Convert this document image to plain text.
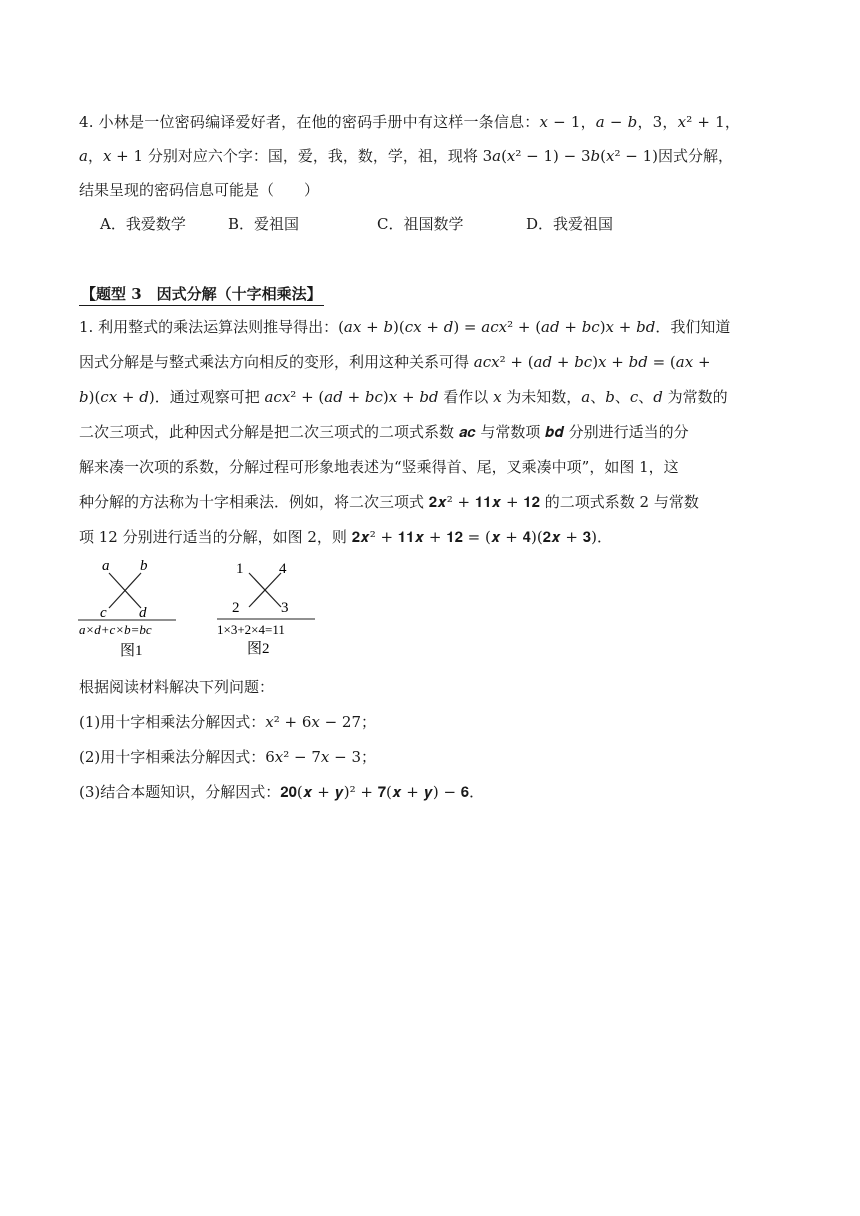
4. 小林是一位密码编译爱好者，在他的密码手册中有这样一条信息：𝑥 − 1，𝑎 − 𝑏，3，𝑥² + 1，
𝑎，𝑥 + 1 分别对应六个字：国，爱，我，数，学，祖，现将 3𝑎(𝑥² − 1) − 3𝑏(𝑥² − 1)因式分解，
结果呈现的密码信息可能是（　　）
A．我爱数学	B．爱祖国	C．祖国数学	D．我爱祖国
【题型 3　因式分解（十字相乘法】
1. 利用整式的乘法运算法则推导得出：(𝑎𝑥 + 𝑏)(𝑐𝑥 + 𝑑) = 𝑎𝑐𝑥² + (𝑎𝑑 + 𝑏𝑐)𝑥 + 𝑏𝑑．我们知道
因式分解是与整式乘法方向相反的变形，利用这种关系可得 𝑎𝑐𝑥² + (𝑎𝑑 + 𝑏𝑐)𝑥 + 𝑏𝑑 = (𝑎𝑥 +
𝑏)(𝑐𝑥 + 𝑑)．通过观察可把 𝑎𝑐𝑥² + (𝑎𝑑 + 𝑏𝑐)𝑥 + 𝑏𝑑 看作以 𝑥 为未知数，𝑎、𝑏、𝑐、𝑑 为常数的
二次三项式，此种因式分解是把二次三项式的二项式系数 𝒂𝒄 与常数项 𝒃𝒅 分别进行适当的分
解来凑一次项的系数，分解过程可形象地表述为“竖乘得首、尾，叉乘凑中项”，如图 1，这
种分解的方法称为十字相乘法．例如，将二次三项式 𝟐𝒙² + 𝟏𝟏𝒙 + 𝟏𝟐 的二项式系数 2 与常数
项 12 分别进行适当的分解，如图 2，则 𝟐𝒙² + 𝟏𝟏𝒙 + 𝟏𝟐 = (𝒙 + 𝟒)(𝟐𝒙 + 𝟑)．
a b
c d
a×d+c×b=bc
图1
1 4
2	3
1×3+2×4=11
图2
根据阅读材料解决下列问题：
(1)用十字相乘法分解因式：𝑥² + 6𝑥 − 27；
(2)用十字相乘法分解因式：6𝑥² − 7𝑥 − 3；
(3)结合本题知识，分解因式：𝟐𝟎(𝒙 + 𝒚)² + 𝟕(𝒙 + 𝒚) − 𝟔．
